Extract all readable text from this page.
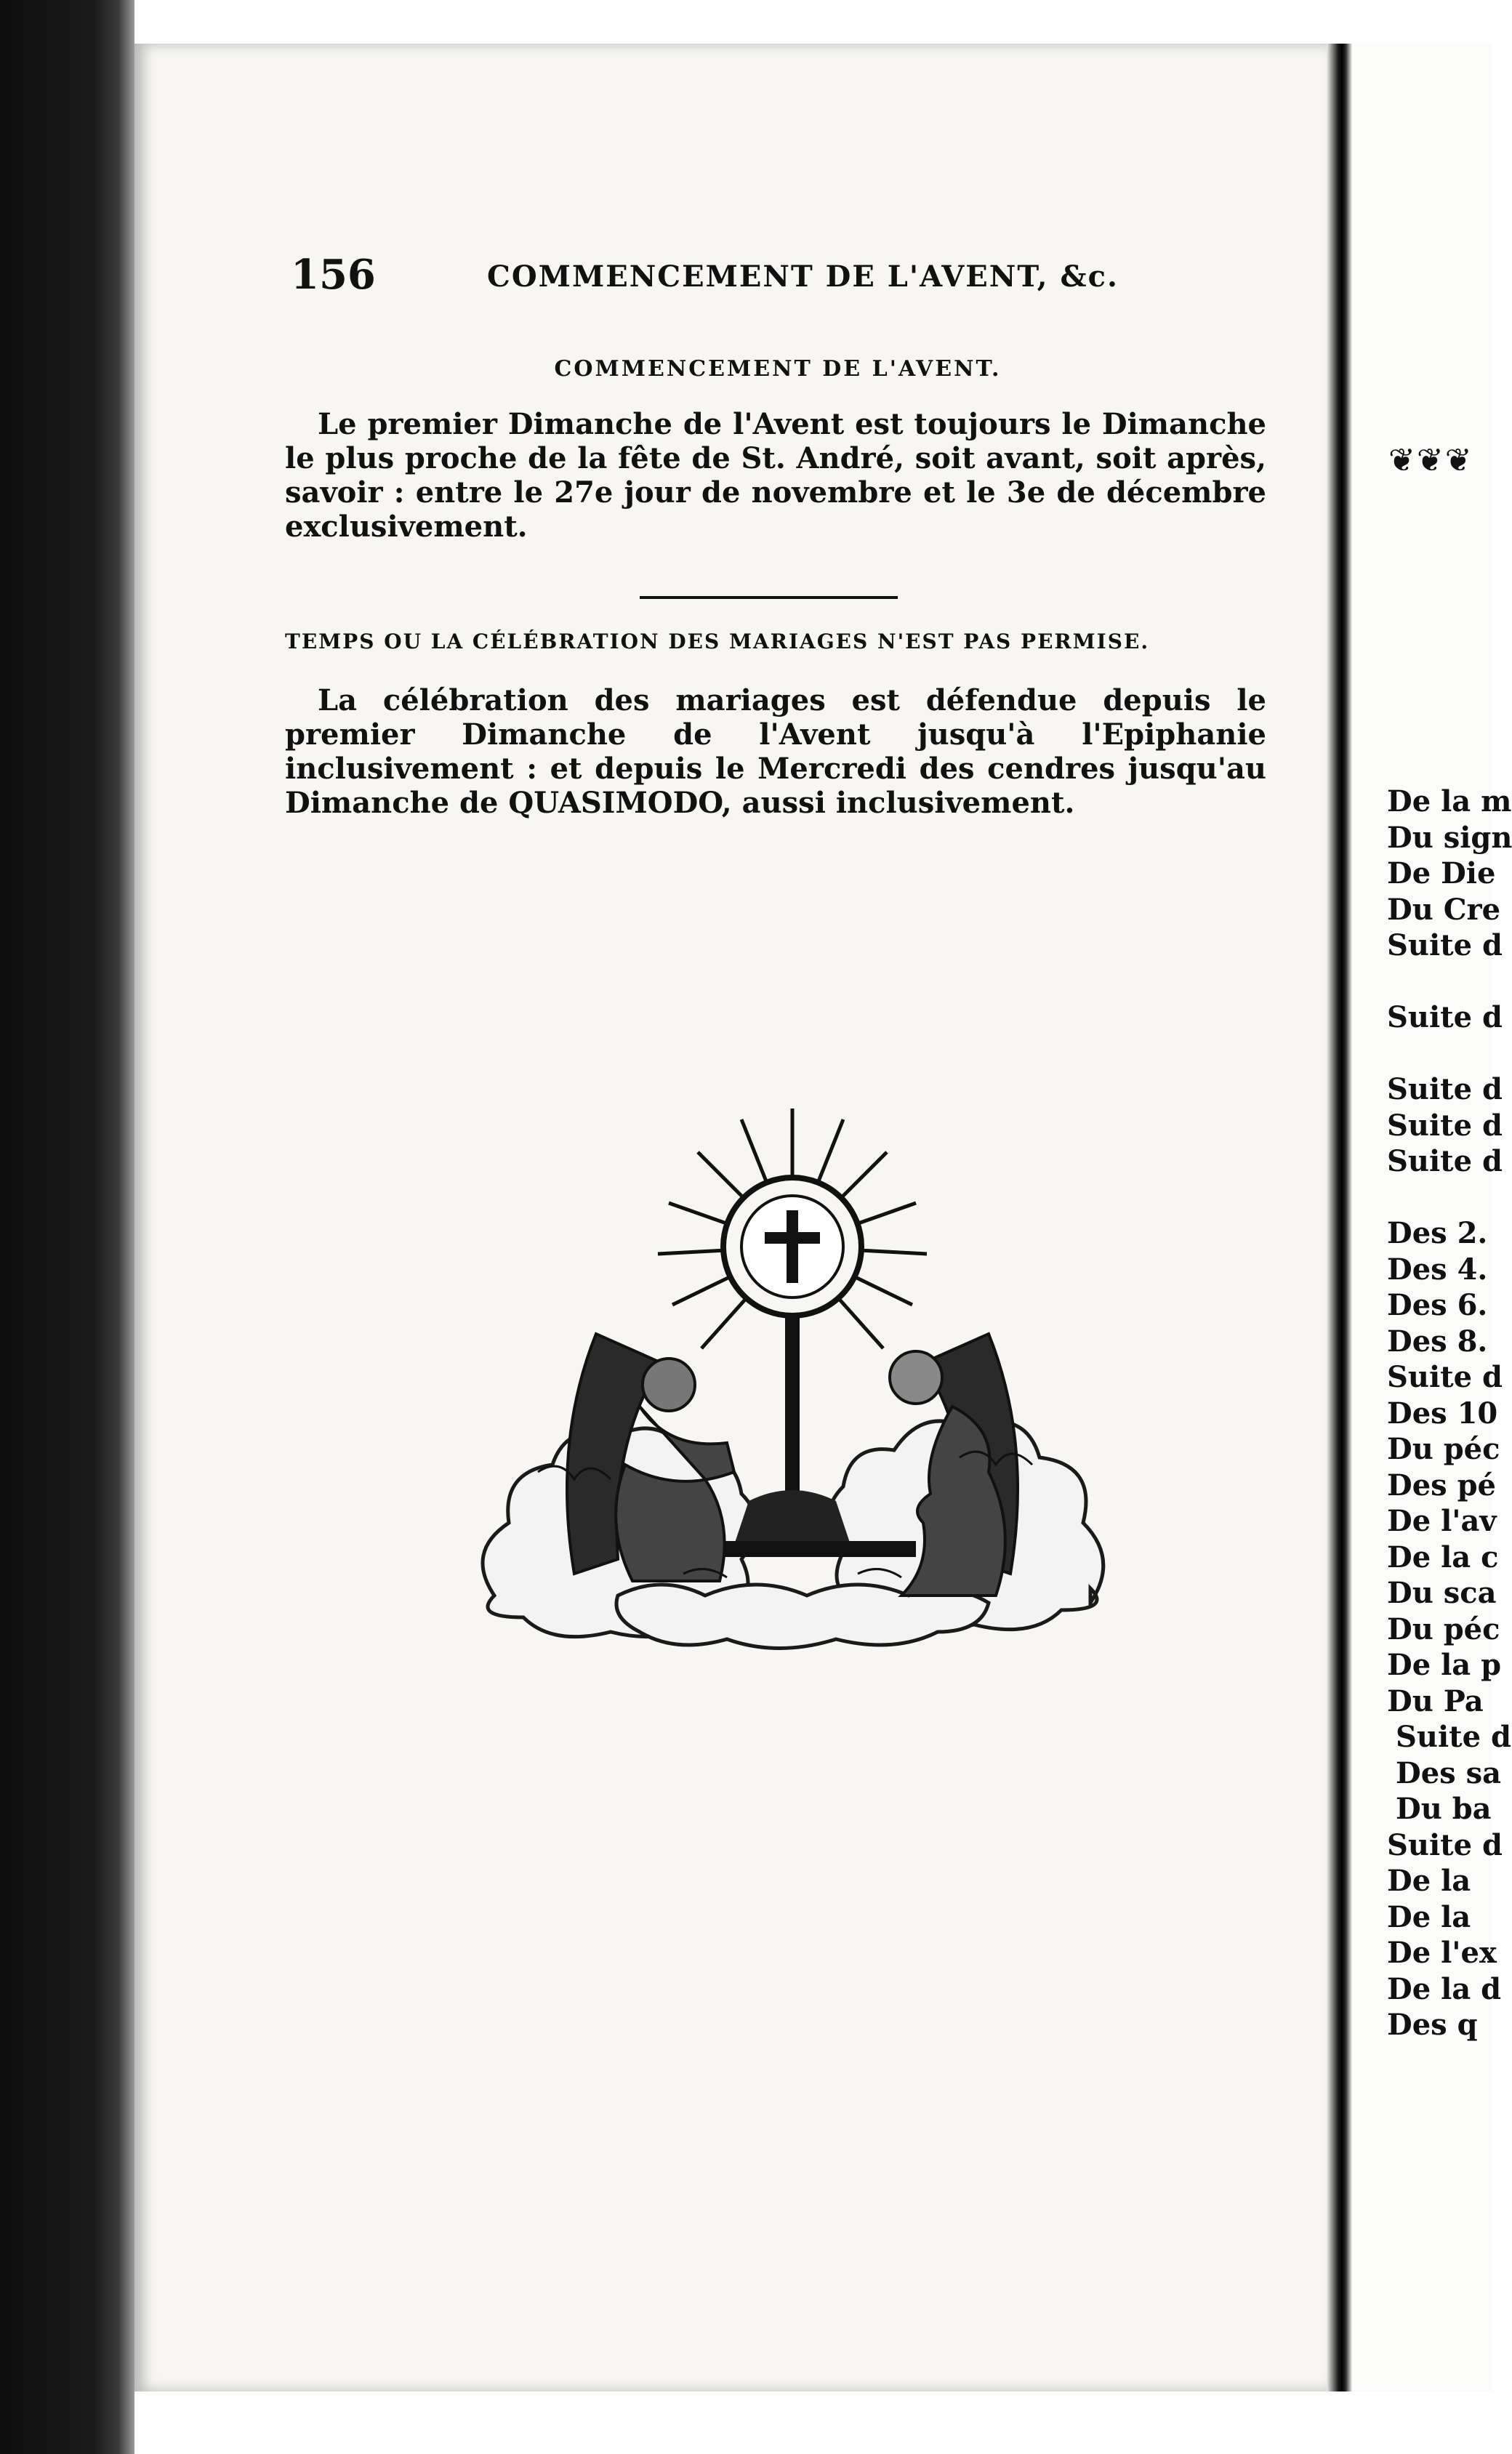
156	COMMENCEMENT DE L'AVENT, &c.
COMMENCEMENT DE L'AVENT.
Le premier Dimanche de l'Avent est toujours le Dimanche le plus proche de la fête de St. André, soit avant, soit après, savoir : entre le 27e jour de novembre et le 3e de décembre exclusivement.
TEMPS OU LA CÉLÉBRATION DES MARIAGES N'EST PAS PERMISE.
La célébration des mariages est défendue depuis le premier Dimanche de l'Avent jusqu'à l'Epiphanie inclusivement : et depuis le Mercredi des cendres jusqu'au Dimanche de QUASIMODO, aussi inclusivement.
❦❦❦
De la m
Du sign
De Die
Du Cre
Suite d

Suite d

Suite d
Suite d
Suite d

Des 2.
Des 4.
Des 6.
Des 8.
Suite d
Des 10
Du péc
Des pé
De l'av
De la c
Du sca
Du péc
De la p
Du Pa
Suite d
Des sa
Du ba
Suite d
De la
De la
De l'ex
De la d
Des q
